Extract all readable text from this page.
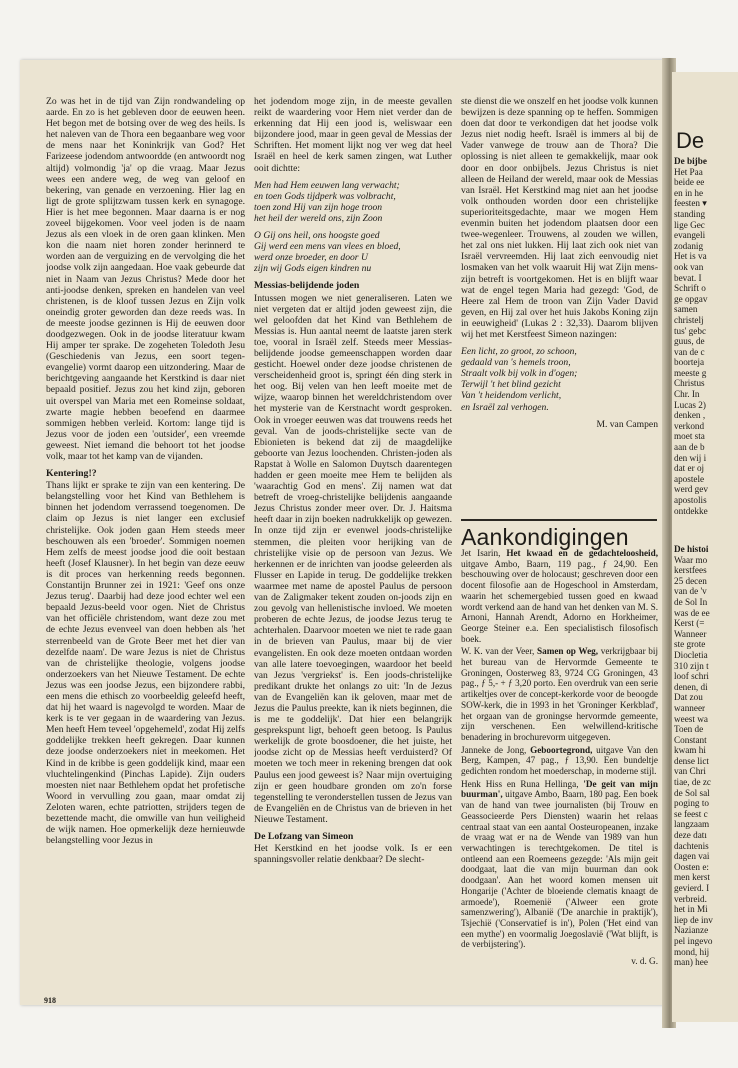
Zo was het in de tijd van Zijn rondwandeling op aarde. En zo is het gebleven door de eeuwen heen. Het begon met de botsing over de weg des heils. Is het naleven van de Thora een begaanbare weg voor de mens naar het Koninkrijk van God? Het Farizeese jodendom antwoordde (en antwoordt nog altijd) volmondig 'ja' op die vraag. Maar Jezus wees een andere weg, de weg van geloof en bekering, van genade en verzoening. Hier lag en ligt de grote splijtzwam tussen kerk en synagoge. Hier is het mee begonnen. Maar daarna is er nog zoveel bijgekomen. Voor veel joden is de naam Jezus als een vloek in de oren gaan klinken. Men kon die naam niet horen zonder herinnerd te worden aan de verguizing en de vervolging die het joodse volk zijn aangedaan. Hoe vaak gebeurde dat niet in Naam van Jezus Christus? Mede door het anti-joodse denken, spreken en handelen van veel christenen, is de kloof tussen Jezus en Zijn volk oneindig groter geworden dan deze reeds was. In de meeste joodse gezinnen is Hij de eeuwen door doodgezwegen. Ook in de joodse literatuur kwam Hij amper ter sprake. De zogeheten Toledoth Jesu (Geschiedenis van Jezus, een soort tegen-evangelie) vormt daarop een uitzondering. Maar de berichtgeving aangaande het Kerstkind is daar niet bepaald positief. Jezus zou het kind zijn, geboren uit overspel van Maria met een Romeinse soldaat, zwarte magie hebben beoefend en daarmee sommigen hebben verleid. Kortom: lange tijd is Jezus voor de joden een 'outsider', een vreemde geweest. Niet iemand die behoort tot het joodse volk, maar tot het kamp van de vijanden.

Kentering!?

Thans lijkt er sprake te zijn van een kentering. De belangstelling voor het Kind van Bethlehem is binnen het jodendom verrassend toegenomen. De claim op Jezus is niet langer een exclusief christelijke. Ook joden gaan Hem steeds meer beschouwen als een 'broeder'. Sommigen noemen Hem zelfs de meest joodse jood die ooit bestaan heeft (Josef Klausner). In het begin van deze eeuw is dit proces van herkenning reeds begonnen. Constantijn Brunner zei in 1921: 'Geef ons onze Jezus terug'. Daarbij had deze jood echter wel een bepaald Jezus-beeld voor ogen. Niet de Christus van het officiële christendom, want deze zou met de echte Jezus evenveel van doen hebben als 'het sterrenbeeld van de Grote Beer met het dier van dezelfde naam'. De ware Jezus is niet de Christus van de christelijke theologie, volgens joodse onderzoekers van het Nieuwe Testament. De echte Jezus was een joodse Jezus, een bijzondere rabbi, een mens die ethisch zo voorbeeldig geleefd heeft, dat hij het waard is nagevolgd te worden. Maar de kerk is te ver gegaan in de waardering van Jezus. Men heeft Hem teveel 'opgehemeld', zodat Hij zelfs goddelijke trekken heeft gekregen. Daar kunnen deze joodse onderzoekers niet in meekomen. Het Kind in de kribbe is geen goddelijk kind, maar een vluchtelingenkind (Pinchas Lapide). Zijn ouders moesten niet naar Bethlehem opdat het profetische Woord in vervulling zou gaan, maar omdat zij Zeloten waren, echte patriotten, strijders tegen de bezettende macht, die omwille van hun veiligheid de wijk namen. Hoe opmerkelijk deze hernieuwde belangstelling voor Jezus in

het jodendom moge zijn, in de meeste gevallen reikt de waardering voor Hem niet verder dan de erkenning dat Hij een jood is, weliswaar een bijzondere jood, maar in geen geval de Messias der Schriften. Het moment lijkt nog ver weg dat heel Israël en heel de kerk samen zingen, wat Luther ooit dichtte:

Men had Hem eeuwen lang verwacht;
en toen Gods tijdperk was volbracht,
toen zond Hij van zijn hoge troon
het heil der wereld ons, zijn Zoon

O Gij ons heil, ons hoogste goed
Gij werd een mens van vlees en bloed,
werd onze broeder, en door U
zijn wij Gods eigen kindren nu

Messias-belijdende joden

Intussen mogen we niet generaliseren. Laten we niet vergeten dat er altijd joden geweest zijn, die wel geloofden dat het Kind van Bethlehem de Messias is. Hun aantal neemt de laatste jaren sterk toe, vooral in Israël zelf. Steeds meer Messias-belijdende joodse gemeenschappen worden daar gesticht. Hoewel onder deze joodse christenen de verscheidenheid groot is, springt één ding sterk in het oog. Bij velen van hen leeft moeite met de wijze, waarop binnen het wereldchristendom over het mysterie van de Kerstnacht wordt gesproken. Ook in vroeger eeuwen was dat trouwens reeds het geval. Van de joods-christelijke secte van de Ebionieten is bekend dat zij de maagdelijke geboorte van Jezus loochenden. Christen-joden als Rapstat à Wolle en Salomon Duytsch daarentegen hadden er geen moeite mee Hem te belijden als 'waarachtig God en mens'. Zij namen wat dat betreft de vroeg-christelijke belijdenis aangaande Jezus Christus zonder meer over. Dr. J. Haitsma heeft daar in zijn boeken nadrukkelijk op gewezen. In onze tijd zijn er evenwel joods-christelijke stemmen, die pleiten voor herijking van de christelijke visie op de persoon van Jezus. We herkennen er de inrichten van joodse geleerden als Flusser en Lapide in terug. De goddelijke trekken waarmee met name de apostel Paulus de persoon van de Zaligmaker tekent zouden on-joods zijn en zou gevolg van hellenistische invloed. We moeten proberen de echte Jezus, de joodse Jezus terug te achterhalen. Daarvoor moeten we niet te rade gaan in de brieven van Paulus, maar bij de vier evangelisten. En ook deze moeten ontdaan worden van alle latere toevoegingen, waardoor het beeld van Jezus 'vergriekst' is. Een joods-christelijke predikant drukte het onlangs zo uit: 'In de Jezus van de Evangeliën kan ik geloven, maar met de Jezus die Paulus preekte, kan ik niets beginnen, die is me te goddelijk'. Dat hier een belangrijk gesprekspunt ligt, behoeft geen betoog. Is Paulus werkelijk de grote boosdoener, die het juiste, het joodse zicht op de Messias heeft verduisterd? Of moeten we toch meer in rekening brengen dat ook Paulus een jood geweest is? Naar mijn overtuiging zijn er geen houdbare gronden om zo'n forse tegenstelling te veronderstellen tussen de Jezus van de Evangeliën en de Christus van de brieven in het Nieuwe Testament.

De Lofzang van Simeon

Het Kerstkind en het joodse volk. Is er een spanningsvoller relatie denkbaar? De slecht-

ste dienst die we onszelf en het joodse volk kunnen bewijzen is deze spanning op te heffen. Sommigen doen dat door te verkondigen dat het joodse volk Jezus niet nodig heeft. Israël is immers al bij de Vader vanwege de trouw aan de Thora? Die oplossing is niet alleen te gemakkelijk, maar ook door en door onbijbels. Jezus Christus is niet alleen de Heiland der wereld, maar ook de Messias van Israël. Het Kerstkind mag niet aan het joodse volk onthouden worden door een christelijke superioriteitsgedachte, maar we mogen Hem evenmin buiten het jodendom plaatsen door een twee-wegenleer. Trouwens, al zouden we willen, het zal ons niet lukken. Hij laat zich ook niet van Israël vervreemden. Hij laat zich eenvoudig niet losmaken van het volk waaruit Hij wat Zijn mens-zijn betreft is voortgekomen. Het is en blijft waar wat de engel tegen Maria had gezegd: 'God, de Heere zal Hem de troon van Zijn Vader David geven, en Hij zal over het huis Jakobs Koning zijn in eeuwigheid' (Lukas 2 : 32,33). Daarom blijven wij het met Kerstfeest Simeon nazingen:

Een licht, zo groot, zo schoon,
gedaald van 's hemels troon,
Straalt volk bij volk in d'ogen;
Terwijl 't het blind gezicht
Van 't heidendom verlicht,
en Israël zal verhogen.

M. van Campen

Aankondigingen

Jet Isarin, Het kwaad en de gedachteloosheid, uitgave Ambo, Baarn, 119 pag., ƒ 24,90. Een beschouwing over de holocaust; geschreven door een docent filosofie aan de Hogeschool in Amsterdam, waarin het schemergebied tussen goed en kwaad wordt verkend aan de hand van het denken van M. S. Arnoni, Hannah Arendt, Adorno en Horkheimer, George Steiner e.a. Een specialistisch filosofisch boek.

W. K. van der Veer, Samen op Weg, verkrijgbaar bij het bureau van de Hervormde Gemeente te Groningen, Oosterweg 83, 9724 CG Groningen, 43 pag., ƒ 5,- + ƒ 3,20 porto. Een overdruk van een serie artikeltjes over de concept-kerkorde voor de beoogde SOW-kerk, die in 1993 in het 'Groninger Kerkblad', het orgaan van de groningse hervormde gemeente, zijn verschenen. Een welwillend-kritische benadering in brochurevorm uitgegeven.

Janneke de Jong, Geboortegrond, uitgave Van den Berg, Kampen, 47 pag., ƒ 13,90. Een bundeltje gedichten rondom het moederschap, in moderne stijl.

Henk Hiss en Runa Hellinga, 'De geit van mijn buurman', uitgave Ambo, Baarn, 180 pag. Een boek van de hand van twee journalisten (bij Trouw en Geassocieerde Pers Diensten) waarin het relaas centraal staat van een aantal Oosteuropeanen, inzake de vraag wat er na de Wende van 1989 van hun verwachtingen is terechtgekomen. De titel is ontleend aan een Roemeens gezegde: 'Als mijn geit doodgaat, laat die van mijn buurman dan ook doodgaan'. Aan het woord komen mensen uit Hongarije ('Achter de bloeiende clematis knaagt de armoede'), Roemenië ('Alweer een grote samenzwering'), Albanië ('De anarchie in praktijk'), Tsjechië ('Conservatief is in'), Polen ('Het eind van een mythe') en voormalig Joegoslavië ('Wat blijft, is de verbijstering').

v. d. G.

918
De
De bijbe
Het Paa
beide ee
en in he
feesten ▾
standing
lige Gec
evangeli
zodanig
Het is va
ook van
bevat. I
Schrift o
ge opgav
samen
christelj
tus' gebc
guus, de
van de c
boorteja
meeste g
Christus
Chr. In
Lucas 2)
denken ,
verkond
moet sta
aan de b
den wij i
dat er oj
apostele
werd gev
apostolis
ontdekke
De histoi
Waar mo
kerstfees
25 decen
van de 'v
de Sol In
was de ee
Kerst (=
Wanneer
ste grote
Diocletia
310 zijn t
loof schri
denen, di
Dat zou
wanneer
weest wa
Toen de
Constant
kwam hi
dense lict
van Chri
tiae, de zc
de Sol sal
poging to
se feest c
langzaam
deze datı
dachtenis
dagen vai
Oosten e:
men kerst
gevierd. I
verbreid.
het in Mi
liep de inv
Nazianze
pel ingevo
mond, hij
man) hee
